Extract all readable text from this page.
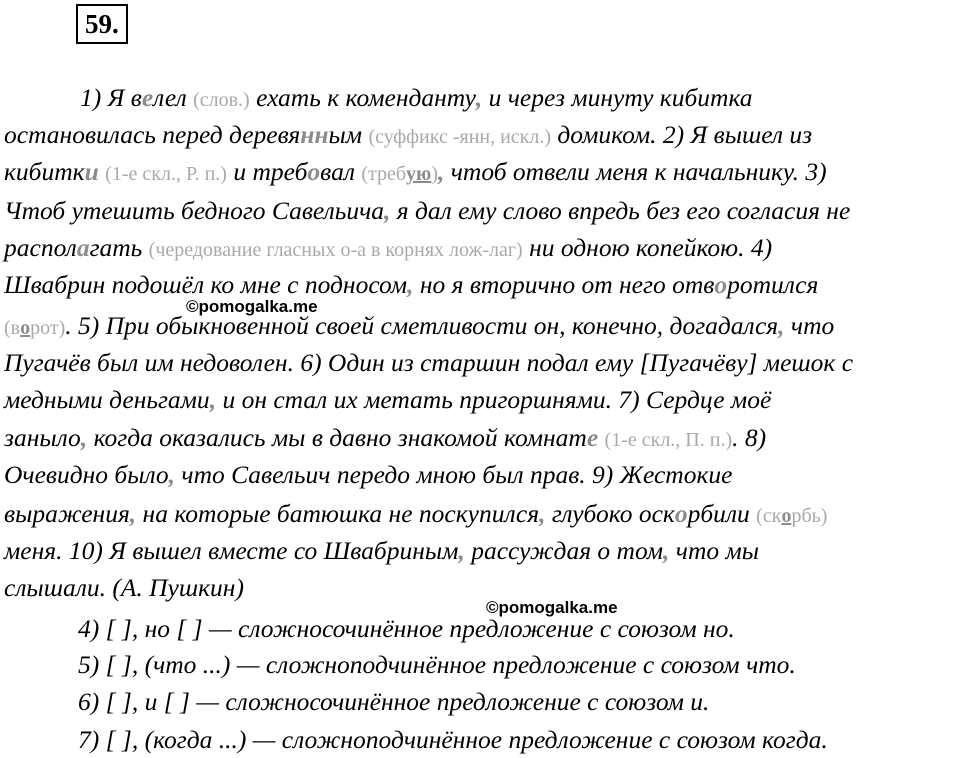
59.
1) Я велел (слов.) ехать к коменданту, и через минуту кибитка
остановилась перед деревянным (суффикс -янн, искл.) домиком. 2) Я вышел из
кибитки (1-е скл., Р. п.) и требовал (требую), чтоб отвели меня к начальнику. 3)
Чтоб утешить бедного Савельича, я дал ему слово впредь без его согласия не
располагать (чередование гласных о-а в корнях лож-лаг) ни одною копейкою. 4)
Швабрин подошёл ко мне с подносом, но я вторично от него отворотился
©pomogalka.me
(ворот). 5) При обыкновенной своей сметливости он, конечно, догадался, что
Пугачёв был им недоволен. 6) Один из старшин подал ему [Пугачёву] мешок с
медными деньгами, и он стал их метать пригоршнями. 7) Сердце моё
заныло, когда оказались мы в давно знакомой комнате (1-е скл., П. п.). 8)
Очевидно было, что Савельич передо мною был прав. 9) Жестокие
выражения, на которые батюшка не поскупился, глубоко оскорбили (скорбь)
меня. 10) Я вышел вместе со Швабриным, рассуждая о том, что мы
слышали. (А. Пушкин)
©pomogalka.me
4) [ ], но [ ] — сложносочинённое предложение с союзом но.
5) [ ], (что ...) — сложноподчинённое предложение с союзом что.
6) [ ], и [ ] — сложносочинённое предложение с союзом и.
7) [ ], (когда ...) — сложноподчинённое предложение с союзом когда.
